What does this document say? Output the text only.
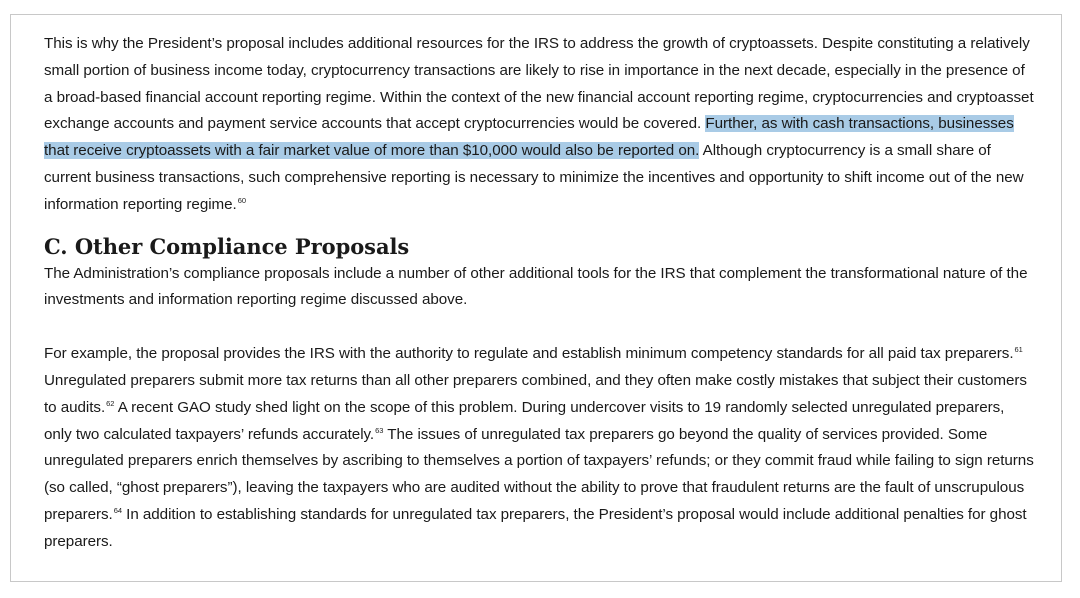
This is why the President’s proposal includes additional resources for the IRS to address the growth of cryptoassets. Despite constituting a relatively small portion of business income today, cryptocurrency transactions are likely to rise in importance in the next decade, especially in the presence of a broad-based financial account reporting regime. Within the context of the new financial account reporting regime, cryptocurrencies and cryptoasset exchange accounts and payment service accounts that accept cryptocurrencies would be covered. Further, as with cash transactions, businesses that receive cryptoassets with a fair market value of more than $10,000 would also be reported on. Although cryptocurrency is a small share of current business transactions, such comprehensive reporting is necessary to minimize the incentives and opportunity to shift income out of the new information reporting regime.$^{60}$

C. Other Compliance Proposals

The Administration’s compliance proposals include a number of other additional tools for the IRS that complement the transformational nature of the investments and information reporting regime discussed above.

For example, the proposal provides the IRS with the authority to regulate and establish minimum competency standards for all paid tax preparers.$^{61}$ Unregulated preparers submit more tax returns than all other preparers combined, and they often make costly mistakes that subject their customers to audits.$^{62}$ A recent GAO study shed light on the scope of this problem. During undercover visits to 19 randomly selected unregulated preparers, only two calculated taxpayers’ refunds accurately.$^{63}$ The issues of unregulated tax preparers go beyond the quality of services provided. Some unregulated preparers enrich themselves by ascribing to themselves a portion of taxpayers’ refunds; or they commit fraud while failing to sign returns (so called, “ghost preparers”), leaving the taxpayers who are audited without the ability to prove that fraudulent returns are the fault of unscrupulous preparers.$^{64}$ In addition to establishing standards for unregulated tax preparers, the President’s proposal would include additional penalties for ghost preparers.
